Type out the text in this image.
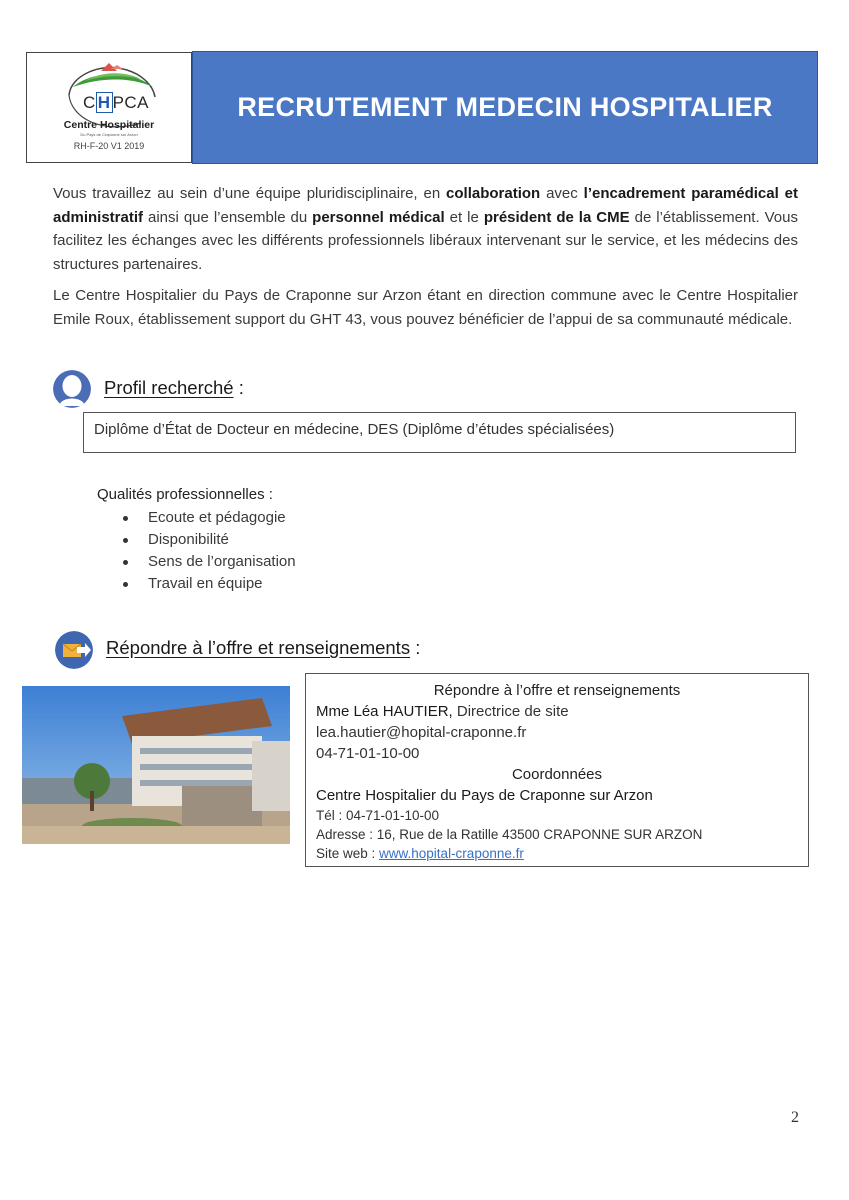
C H PCA
Centre Hospitalier
Du Pays de Craponne sur Arzon
RH-F-20 V1 2019
RECRUTEMENT MEDECIN HOSPITALIER
Vous travaillez au sein d’une équipe pluridisciplinaire, en collaboration avec l’encadrement paramédical et administratif ainsi que l’ensemble du personnel médical et le président de la CME de l’établissement. Vous facilitez les échanges avec les différents professionnels libéraux intervenant sur le service, et les médecins des structures partenaires.
Le Centre Hospitalier du Pays de Craponne sur Arzon étant en direction commune avec le Centre Hospitalier Emile Roux, établissement support du GHT 43, vous pouvez bénéficier de l’appui de sa communauté médicale.
Profil recherché :
Diplôme d’État de Docteur en médecine, DES (Diplôme d’études spécialisées)
Qualités professionnelles :
Ecoute et pédagogie
Disponibilité
Sens de l’organisation
Travail en équipe
Répondre à l’offre et renseignements :
Répondre à l’offre et renseignements
Mme Léa HAUTIER, Directrice de site
lea.hautier@hopital-craponne.fr
04-71-01-10-00
Coordonnées
Centre Hospitalier du Pays de Craponne sur Arzon
Tél : 04-71-01-10-00
Adresse : 16, Rue de la Ratille 43500 CRAPONNE SUR ARZON
Site web : www.hopital-craponne.fr
2
